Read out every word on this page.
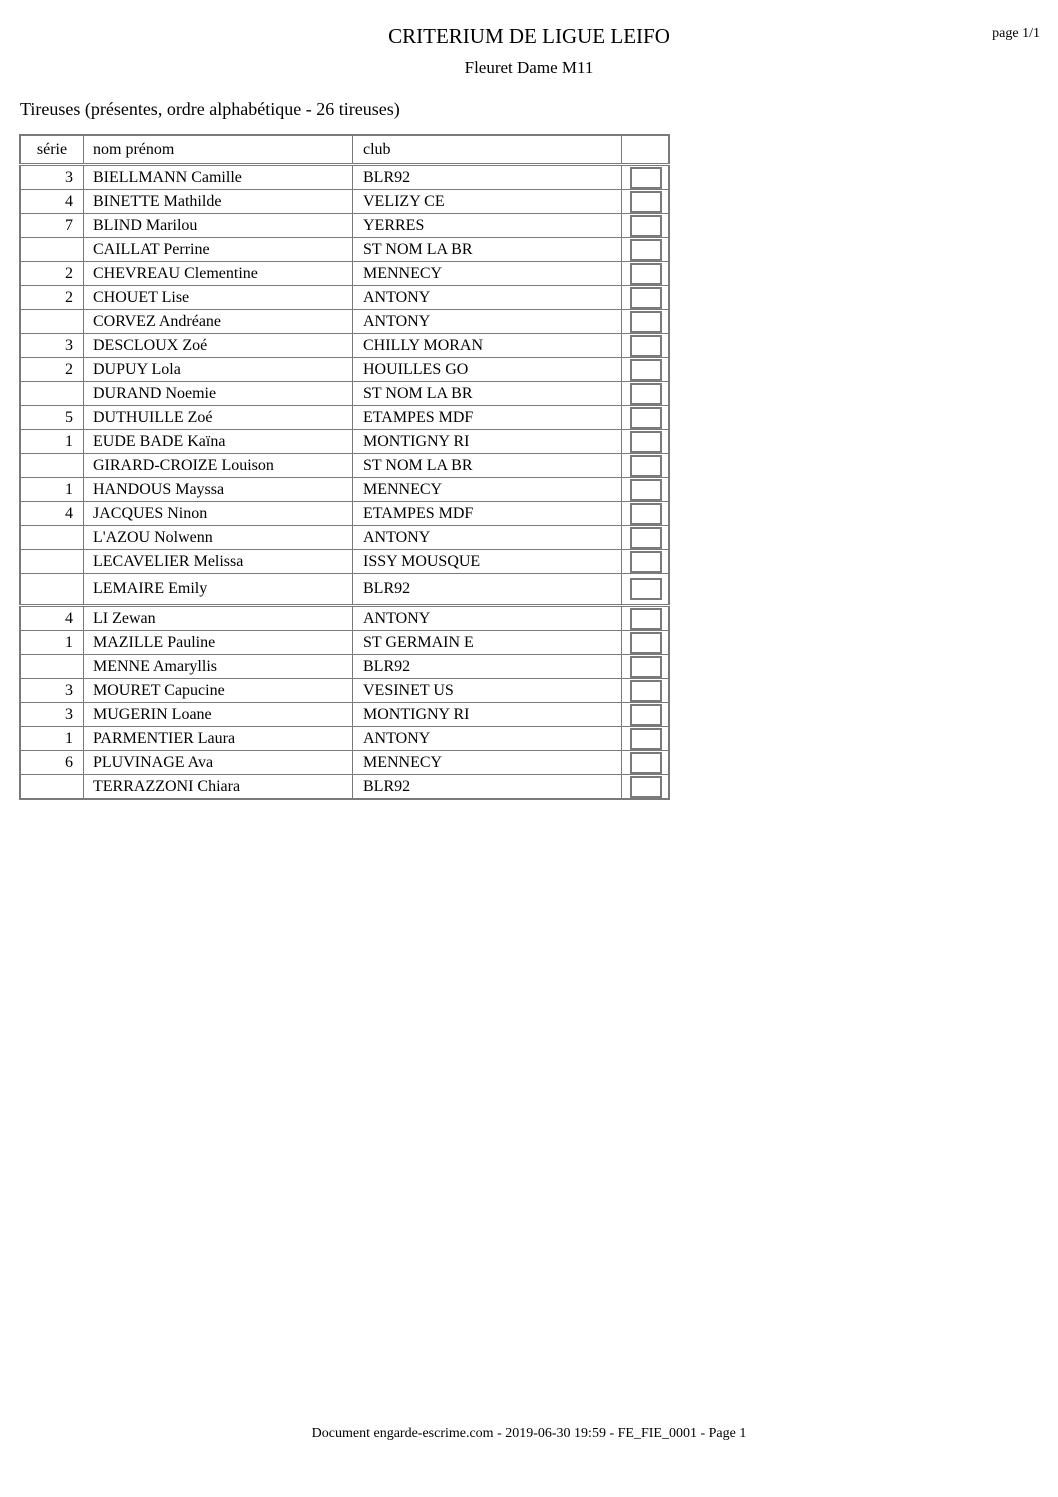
CRITERIUM DE LIGUE LEIFO
Fleuret Dame M11
page 1/1
Tireuses (présentes, ordre alphabétique - 26 tireuses)
série	nom prénom	club	
3	BIELLMANN Camille	BLR92	

4	BINETTE Mathilde	VELIZY CE	

7	BLIND Marilou	YERRES	

	CAILLAT Perrine	ST NOM LA BR	

2	CHEVREAU Clementine	MENNECY	

2	CHOUET Lise	ANTONY	

	CORVEZ Andréane	ANTONY	

3	DESCLOUX Zoé	CHILLY MORAN	

2	DUPUY Lola	HOUILLES GO	

	DURAND Noemie	ST NOM LA BR	

5	DUTHUILLE Zoé	ETAMPES MDF	

1	EUDE BADE Kaïna	MONTIGNY RI	

	GIRARD-CROIZE Louison	ST NOM LA BR	

1	HANDOUS Mayssa	MENNECY	

4	JACQUES Ninon	ETAMPES MDF	

	L'AZOU Nolwenn	ANTONY	

	LECAVELIER Melissa	ISSY MOUSQUE	

	LEMAIRE Emily	BLR92	

4	LI Zewan	ANTONY	

1	MAZILLE Pauline	ST GERMAIN E	

	MENNE Amaryllis	BLR92	

3	MOURET Capucine	VESINET US	

3	MUGERIN Loane	MONTIGNY RI	

1	PARMENTIER Laura	ANTONY	

6	PLUVINAGE Ava	MENNECY	

	TERRAZZONI Chiara	BLR92	
Document engarde-escrime.com - 2019-06-30 19:59 - FE_FIE_0001 - Page 1
